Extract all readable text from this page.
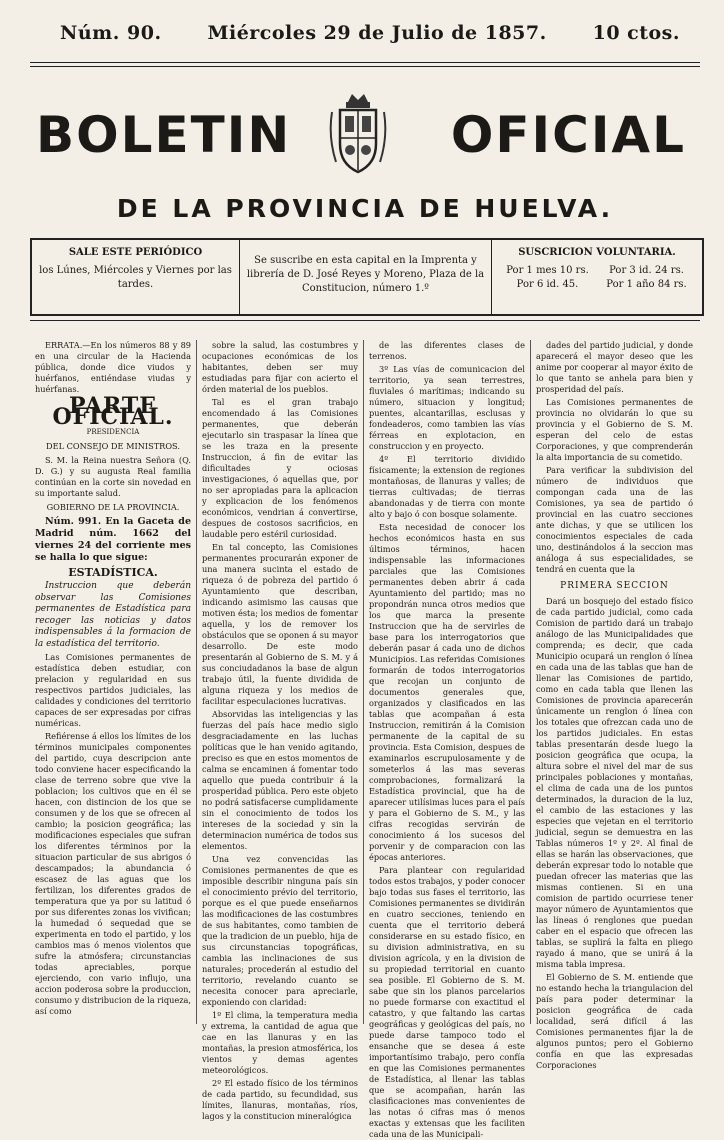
Núm. 90. Miércoles 29 de Julio de 1857. 10 ctos.
BOLETIN	OFICIAL
DE LA PROVINCIA DE HUELVA.
SALE ESTE PERIÓDICO
los Lúnes, Miércoles y Viernes por las tardes.
Se suscribe en esta capital en la Imprenta y librería de D. José Reyes y Moreno, Plaza de la Constitucion, número 1.º
SUSCRICION VOLUNTARIA.
Por 1 mes 10 rs.	Por 3 id. 24 rs.
Por 6 id. 45.	Por 1 año 84 rs.

ERRATA.—En los números 88 y 89 en una circular de la Hacienda pública, donde dice viudos y huérfanos, entiéndase viudas y huérfanas.

PARTE OFICIAL.
PRESIDENCIA
DEL CONSEJO DE MINISTROS.

S. M. la Reina nuestra Señora (Q. D. G.) y su augusta Real familia continúan en la corte sin novedad en su importante salud.

GOBIERNO DE LA PROVINCIA.

Núm. 991. En la Gaceta de Madrid núm. 1662 del viernes 24 del corriente mes se halla lo que sigue:

ESTADÍSTICA.

Instruccion que deberán observar las Comisiones permanentes de Estadística para recoger las noticias y datos indispensables á la formacion de la estadística del territorio.

Las Comisiones permanentes de estadística deben estudiar, con prelacion y regularidad en sus respectivos partidos judiciales, las calidades y condiciones del territorio capaces de ser expresadas por cifras numéricas.

Refiérense á ellos los límites de los términos municipales componentes del partido, cuya descripcion ante todo conviene hacer especificando la clase de terreno sobre que vive la poblacion; los cultivos que en él se hacen, con distincion de los que se consumen y de los que se ofrecen al cambio; la posicion geográfica; las modificaciones especiales que sufran los diferentes términos por la situacion particular de sus abrigos ó descampados; la abundancia ó escasez de las aguas que los fertilizan, los diferentes grados de temperatura que ya por su latitud ó por sus diferentes zonas los vivifican; la humedad ó sequedad que se experimenta en todo el partido, y los cambios mas ó menos violentos que sufre la atmósfera; circunstancias todas apreciables, porque ejerciendo, con vario influjo, una accion poderosa sobre la produccion, consumo y distribucion de la riqueza, así como

sobre la salud, las costumbres y ocupaciones económicas de los habitantes, deben ser muy estudiadas para fijar con acierto el órden material de los pueblos.

Tal es el gran trabajo encomendado á las Comisiones permanentes, que deberán ejecutarlo sin traspasar la línea que se les traza en la presente Instruccion, á fin de evitar las dificultades y ociosas investigaciones, ó aquellas que, por no ser apropiadas para la aplicacion y explicacion de los fenómenos económicos, vendrian á convertirse, despues de costosos sacrificios, en laudable pero estéril curiosidad.

En tal concepto, las Comisiones permanentes procurarán exponer de una manera sucinta el estado de riqueza ó de pobreza del partido ó Ayuntamiento que describan, indicando asimismo las causas que motiven ésta; los medios de fomentar aquella, y los de remover los obstáculos que se oponen á su mayor desarrollo. De este modo presentarán al Gobierno de S. M. y á sus conciudadanos la base de algun trabajo útil, la fuente dividida de alguna riqueza y los medios de facilitar especulaciones lucrativas.

Absorvidas las inteligencias y las fuerzas del país hace medio siglo desgraciadamente en las luchas políticas que le han venido agitando, preciso es que en estos momentos de calma se encaminen á fomentar todo aquello que pueda contribuir á la prosperidad pública. Pero este objeto no podrá satisfacerse cumplidamente sin el conocimiento de todos los intereses de la sociedad y sin la determinacion numérica de todos sus elementos.

Una vez convencidas las Comisiones permanentes de que es imposible describir ninguna país sin el conocimiento prévio del territorio, porque es el que puede enseñarnos las modificaciones de las costumbres de sus habitantes, como tambien de que la tradicion de un pueblo, hija de sus circunstancias topográficas, cambia las inclinaciones de sus naturales; procederán al estudio del territorio, revelando cuanto se necesita conocer para apreciarle, exponiendo con claridad:

1º El clima, la temperatura media y extrema, la cantidad de agua que cae en las llanuras y en las montañas, la presion atmosférica, los vientos y demas agentes meteorológicos.

2º El estado físico de los términos de cada partido, su fecundidad, sus límites, llanuras, montañas, ríos, lagos y la constitucion mineralógica

de las diferentes clases de terrenos.

3º Las vías de comunicacion del territorio, ya sean terrestres, fluviales ó marítimas; indicando su número, situacion y longitud; puentes, alcantarillas, esclusas y fondeaderos, como tambien las vías férreas en explotacion, en construccion y en proyecto.

4º El territorio dividido físicamente; la extension de regiones montañosas, de llanuras y valles; de tierras cultivadas; de tierras abandonadas y de tierra con monte alto y bajo ó con bosque solamente.

Esta necesidad de conocer los hechos económicos hasta en sus últimos términos, hacen indispensable las informaciones parciales que las Comisiones permanentes deben abrir á cada Ayuntamiento del partido; mas no propondrán nunca otros medios que los que marca la presente Instruccion que ha de servirles de base para los interrogatorios que deberán pasar á cada uno de dichos Municipios. Las referidas Comisiones formarán de todos interrogatorios que recojan un conjunto de documentos generales que, organizados y clasificados en las tablas que acompañan á esta Instruccion, remitirán á la Comision permanente de la capital de su provincia. Esta Comision, despues de examinarlos escrupulosamente y de someterlos á las mas severas comprobaciones, formalizará la Estadística provincial, que ha de aparecer utilísimas luces para el país y para el Gobierno de S. M., y las cifras recogidas servirán de conocimiento á los sucesos del porvenir y de comparacion con las épocas anteriores.

Para plantear con regularidad todos estos trabajos, y poder conocer bajo todas sus fases el territorio, las Comisiones permanentes se dividirán en cuatro secciones, teniendo en cuenta que el territorio deberá considerarse en su estado físico, en su division administrativa, en su division agrícola, y en la division de su propiedad territorial en cuanto sea posible. El Gobierno de S. M. sabe que sin los planos parcelarios no puede formarse con exactitud el catastro, y que faltando las cartas geográficas y geológicas del país, no puede darse tampoco todo el ensanche que se desea á este importantísimo trabajo, pero confía en que las Comisiones permanentes de Estadística, al llenar las tablas que se acompañan, harán las clasificaciones mas convenientes de las notas ó cifras mas ó menos exactas y extensas que les faciliten cada una de las Municipali-

dades del partido judicial, y donde aparecerá el mayor deseo que les anime por cooperar al mayor éxito de lo que tanto se anhela para bien y prosperidad del país.

Las Comisiones permanentes de provincia no olvidarán lo que su provincia y el Gobierno de S. M. esperan del celo de estas Corporaciones, y que comprenderán la alta importancia de su cometido.

Para verificar la subdivision del número de individuos que compongan cada una de las Comisiones, ya sea de partido ó provincial en las cuatro secciones ante dichas, y que se utilicen los conocimientos especiales de cada uno, destinándolos á la seccion mas análoga á sus especialidades, se tendrá en cuenta que la

PRIMERA SECCION

Dará un bosquejo del estado físico de cada partido judicial, como cada Comision de partido dará un trabajo análogo de las Municipalidades que comprenda; es decir, que cada Municipio ocupará un renglon ó línea en cada una de las tablas que han de llenar las Comisiones de partido, como en cada tabla que llenen las Comisiones de provincia aparecerán únicamente un renglon ó línea con los totales que ofrezcan cada uno de los partidos judiciales. En estas tablas presentarán desde luego la posicion geográfica que ocupa, la altura sobre el nivel del mar de sus principales poblaciones y montañas, el clima de cada una de los puntos determinados, la duracion de la luz, el cambio de las estaciones y las especies que vejetan en el territorio judicial, segun se demuestra en las Tablas números 1º y 2º. Al final de ellas se harán las observaciones, que deberán expresar todo lo notable que puedan ofrecer las materias que las mismas contienen. Si en una comision de partido ocurriese tener mayor número de Ayuntamientos que las líneas ó renglones que puedan caber en el espacio que ofrecen las tablas, se suplirá la falta en pliego rayado á mano, que se unirá á la misma tabla impresa.

El Gobierno de S. M. entiende que no estando hecha la triangulacion del país para poder determinar la posicion geográfica de cada localidad, será difícil á las Comisiones permanentes fijar la de algunos puntos; pero el Gobierno confía en que las expresadas Corporaciones
